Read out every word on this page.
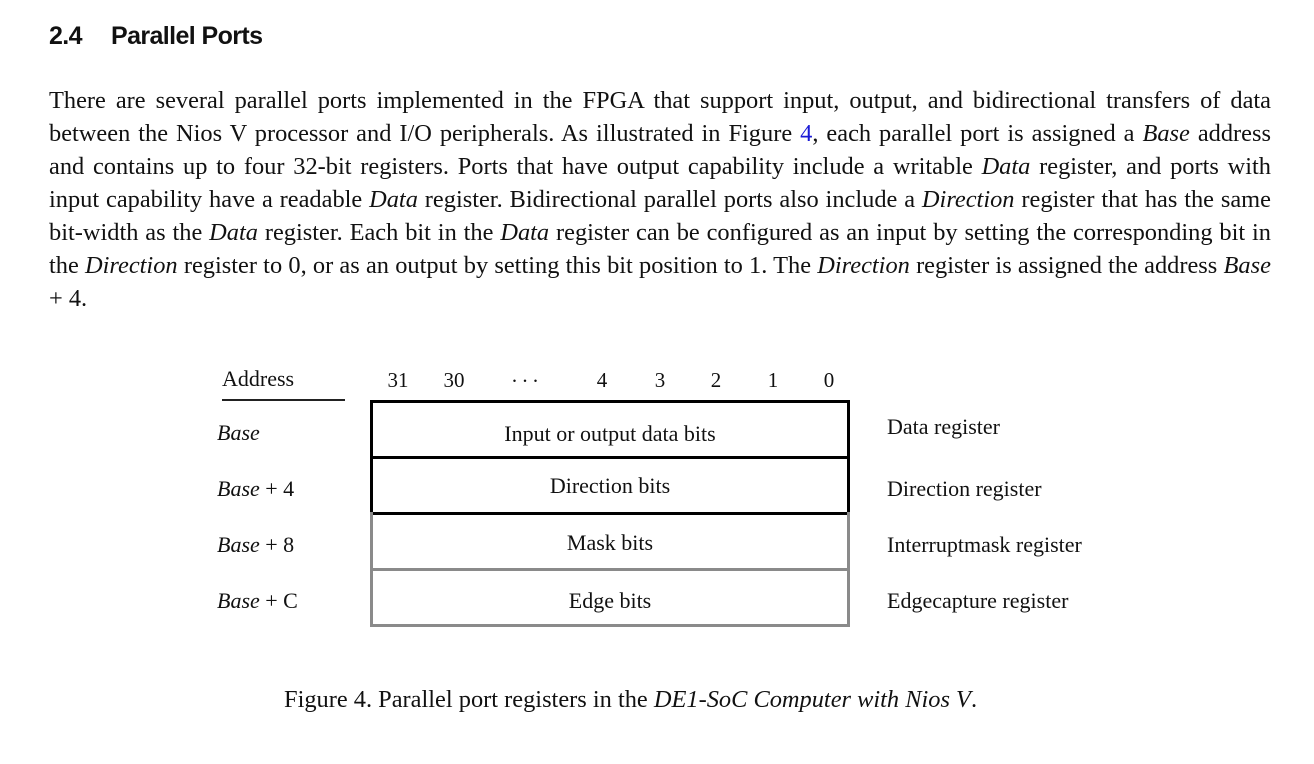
2.4 Parallel Ports

There are several parallel ports implemented in the FPGA that support input, output, and bidirectional transfers of data between the Nios V processor and I/O peripherals. As illustrated in Figure 4, each parallel port is assigned a Base address and contains up to four 32-bit registers. Ports that have output capability include a writable Data register, and ports with input capability have a readable Data register. Bidirectional parallel ports also include a Direction register that has the same bit-width as the Data register. Each bit in the Data register can be configured as an input by setting the corresponding bit in the Direction register to 0, or as an output by setting this bit position to 1. The Direction register is assigned the address Base + 4.

Address	31 30 . . .	4 3 2 1 0
Base	Input or output data bits	Data register
Base + 4	Direction bits	Direction register
Base + 8	Mask bits	Interruptmask register
Base + C	Edge bits	Edgecapture register
Figure 4. Parallel port registers in the DE1-SoC Computer with Nios V.
